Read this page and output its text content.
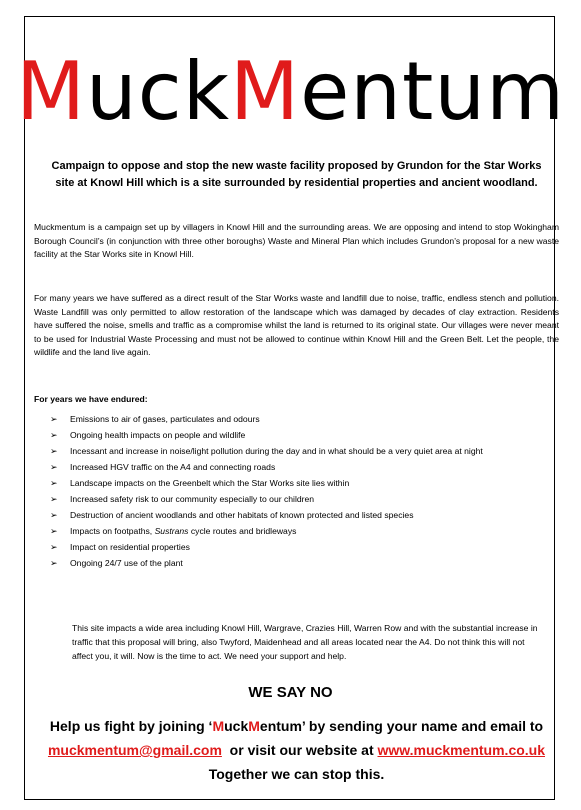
MuckMentum
Campaign to oppose and stop the new waste facility proposed by Grundon for the Star Works site at Knowl Hill which is a site surrounded by residential properties and ancient woodland.

Muckmentum is a campaign set up by villagers in Knowl Hill and the surrounding areas. We are opposing and intend to stop Wokingham Borough Council’s (in conjunction with three other boroughs) Waste and Mineral Plan which includes Grundon’s proposal for a new waste facility at the Star Works site in Knowl Hill.

For many years we have suffered as a direct result of the Star Works waste and landfill due to noise, traffic, endless stench and pollution. Waste Landfill was only permitted to allow restoration of the landscape which was damaged by decades of clay extraction. Residents have suffered the noise, smells and traffic as a compromise whilst the land is returned to its original state. Our villages were never meant to be used for Industrial Waste Processing and must not be allowed to continue within Knowl Hill and the Green Belt. Let the people, the wildlife and the land live again.

For years we have endured:
➢ Emissions to air of gases, particulates and odours
➢ Ongoing health impacts on people and wildlife
➢ Incessant and increase in noise/light pollution during the day and in what should be a very quiet area at night
➢ Increased HGV traffic on the A4 and connecting roads
➢ Landscape impacts on the Greenbelt which the Star Works site lies within
➢ Increased safety risk to our community especially to our children
➢ Destruction of ancient woodlands and other habitats of known protected and listed species
➢ Impacts on footpaths, Sustrans cycle routes and bridleways
➢ Impact on residential properties
➢ Ongoing 24/7 use of the plant

This site impacts a wide area including Knowl Hill, Wargrave, Crazies Hill, Warren Row and with the substantial increase in traffic that this proposal will bring, also Twyford, Maidenhead and all areas located near the A4. Do not think this will not affect you, it will. Now is the time to act. We need your support and help.

WE SAY NO
Help us fight by joining ‘MuckMentum’ by sending your name and email to muckmentum@gmail.com  or visit our website at www.muckmentum.co.uk Together we can stop this.
